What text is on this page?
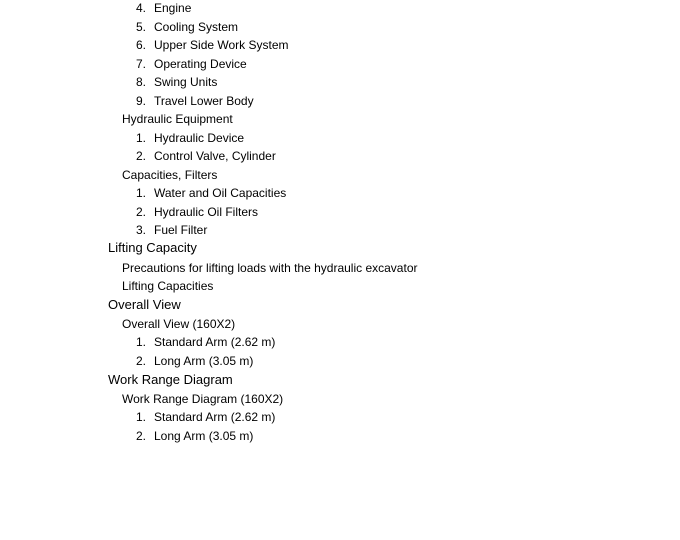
4. Engine
5. Cooling System
6. Upper Side Work System
7. Operating Device
8. Swing Units
9. Travel Lower Body
Hydraulic Equipment
1. Hydraulic Device
2. Control Valve, Cylinder
Capacities, Filters
1. Water and Oil Capacities
2. Hydraulic Oil Filters
3. Fuel Filter
Lifting Capacity
Precautions for lifting loads with the hydraulic excavator
Lifting Capacities
Overall View
Overall View (160X2)
1. Standard Arm (2.62 m)
2. Long Arm (3.05 m)
Work Range Diagram
Work Range Diagram (160X2)
1. Standard Arm (2.62 m)
2. Long Arm (3.05 m)
